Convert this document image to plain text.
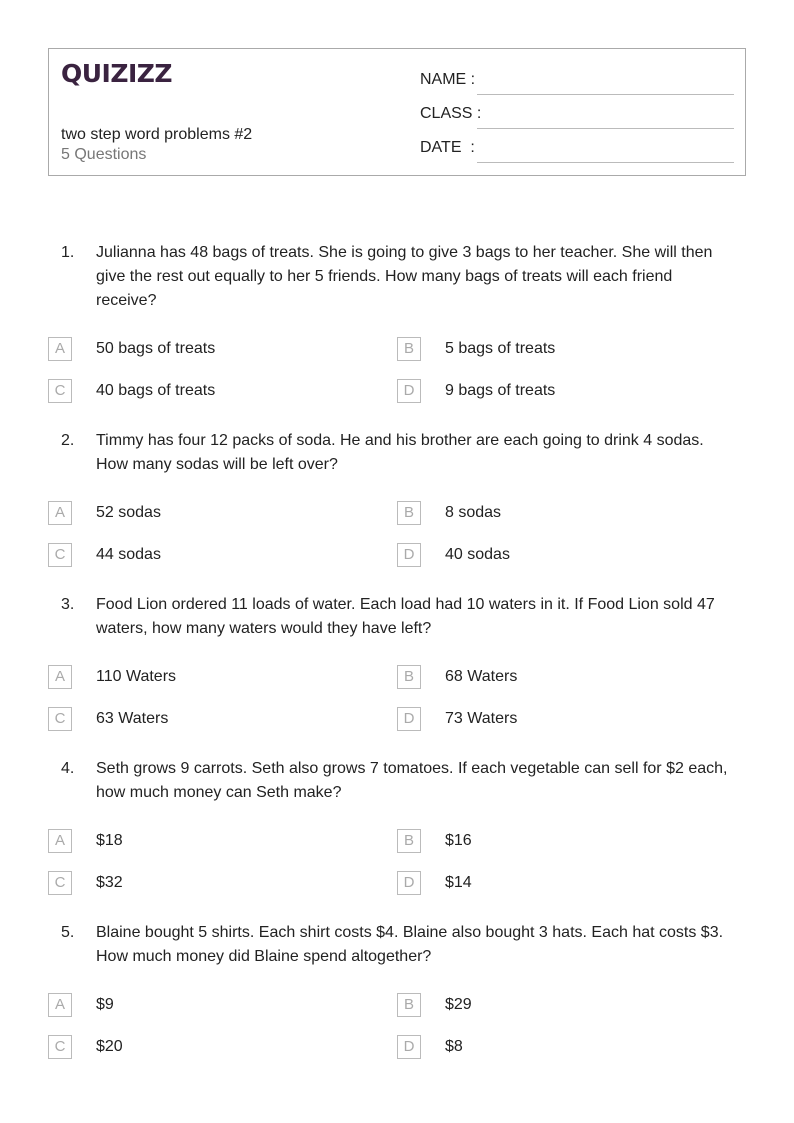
QUIZIZZ
two step word problems #2
5 Questions
NAME :
CLASS :
DATE  :
1. Julianna has 48 bags of treats. She is going to give 3 bags to her teacher. She will then
give the rest out equally to her 5 friends. How many bags of treats will each friend
receive?
A	50 bags of treats	B	5 bags of treats
C	40 bags of treats	D	9 bags of treats
2. Timmy has four 12 packs of soda. He and his brother are each going to drink 4 sodas.
How many sodas will be left over?
A	52 sodas	B	8 sodas
C	44 sodas	D	40 sodas
3. Food Lion ordered 11 loads of water. Each load had 10 waters in it. If Food Lion sold 47
waters, how many waters would they have left?
A	110 Waters	B	68 Waters
C	63 Waters	D	73 Waters
4. Seth grows 9 carrots. Seth also grows 7 tomatoes. If each vegetable can sell for $2 each,
how much money can Seth make?
A	$18	B	$16
C	$32	D	$14
5. Blaine bought 5 shirts. Each shirt costs $4. Blaine also bought 3 hats. Each hat costs $3.
How much money did Blaine spend altogether?
A	$9	B	$29
C	$20	D	$8
